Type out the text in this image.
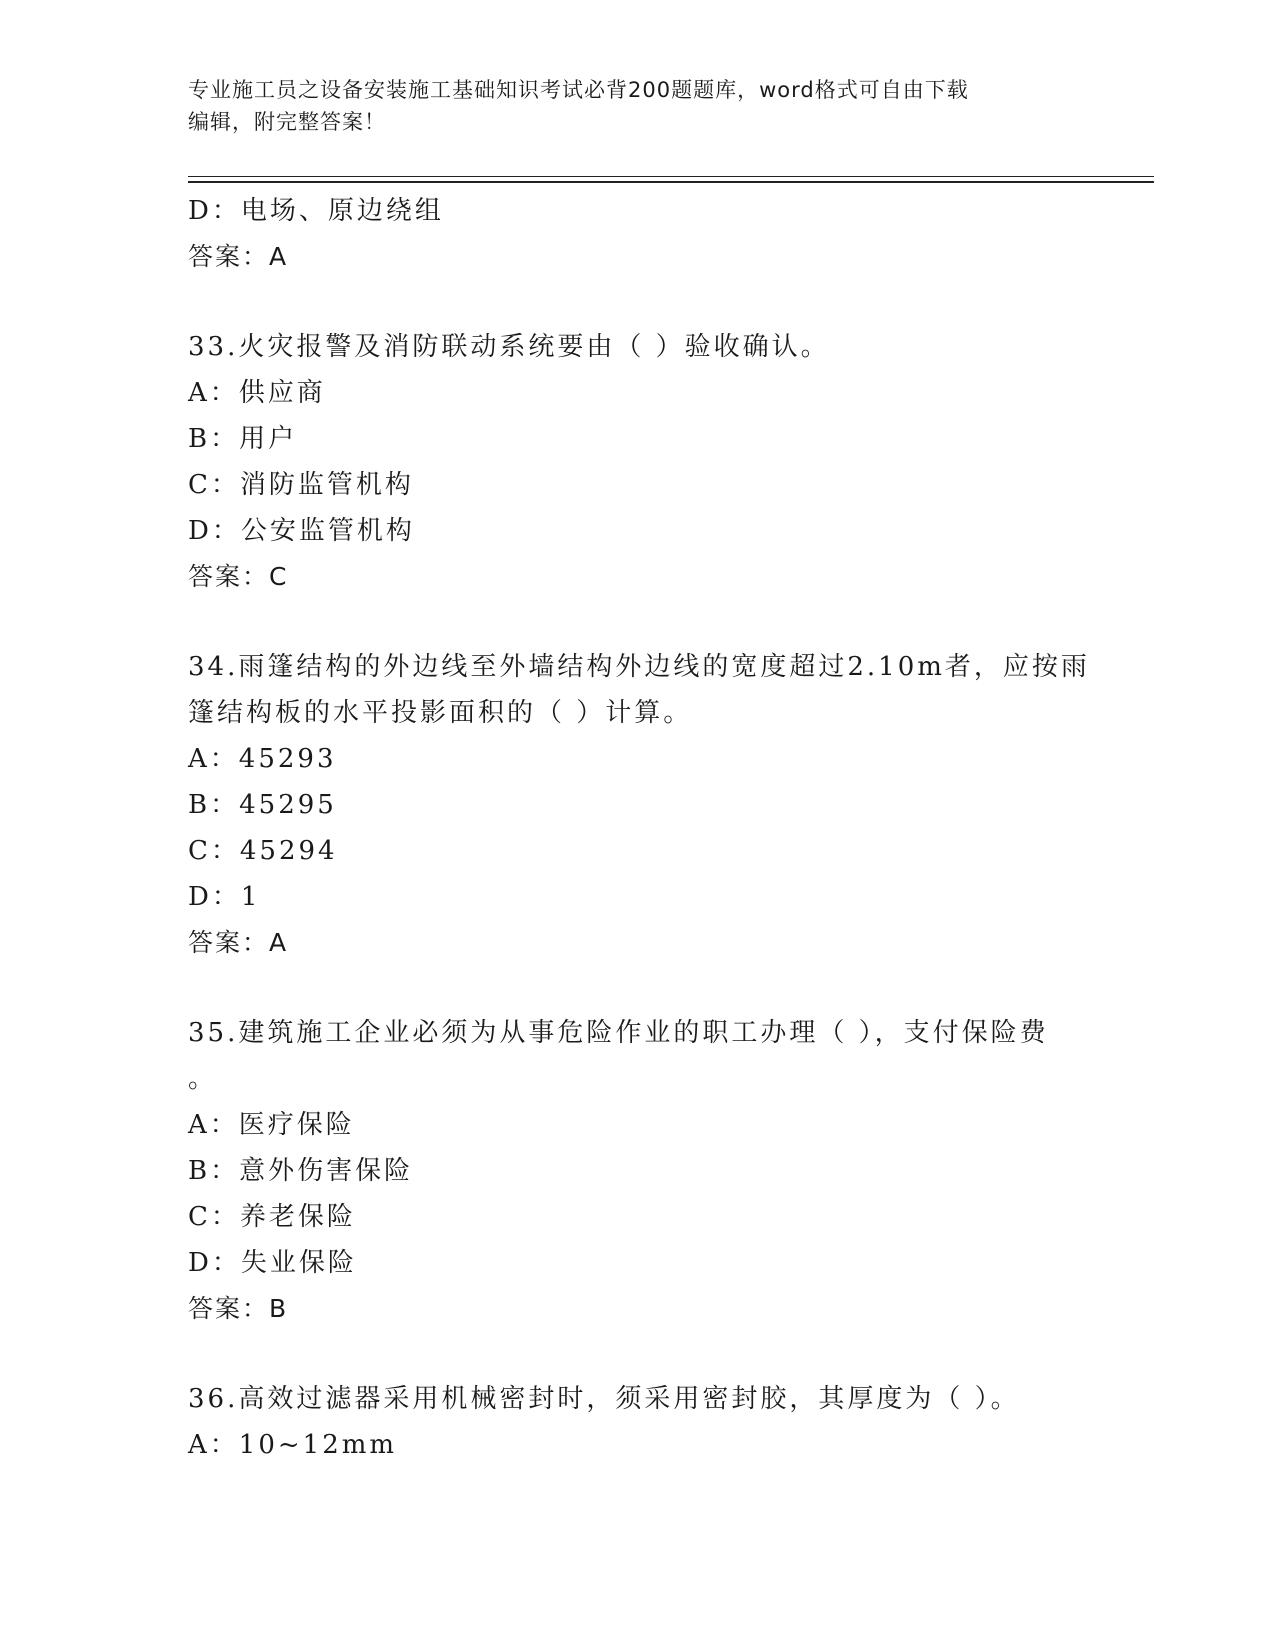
专业施工员之设备安装施工基础知识考试必背200题题库，word格式可自由下载
编辑，附完整答案！
D：电场、原边绕组
答案：A
33.火灾报警及消防联动系统要由（ ）验收确认。
A：供应商
B：用户
C：消防监管机构
D：公安监管机构
答案：C
34.雨篷结构的外边线至外墙结构外边线的宽度超过2.10m者，应按雨
篷结构板的水平投影面积的（ ）计算。
A：45293
B：45295
C：45294
D：1
答案：A
35.建筑施工企业必须为从事危险作业的职工办理（ ），支付保险费
。
A：医疗保险
B：意外伤害保险
C：养老保险
D：失业保险
答案：B
36.高效过滤器采用机械密封时，须采用密封胶，其厚度为（ ）。
A：10~12mm
